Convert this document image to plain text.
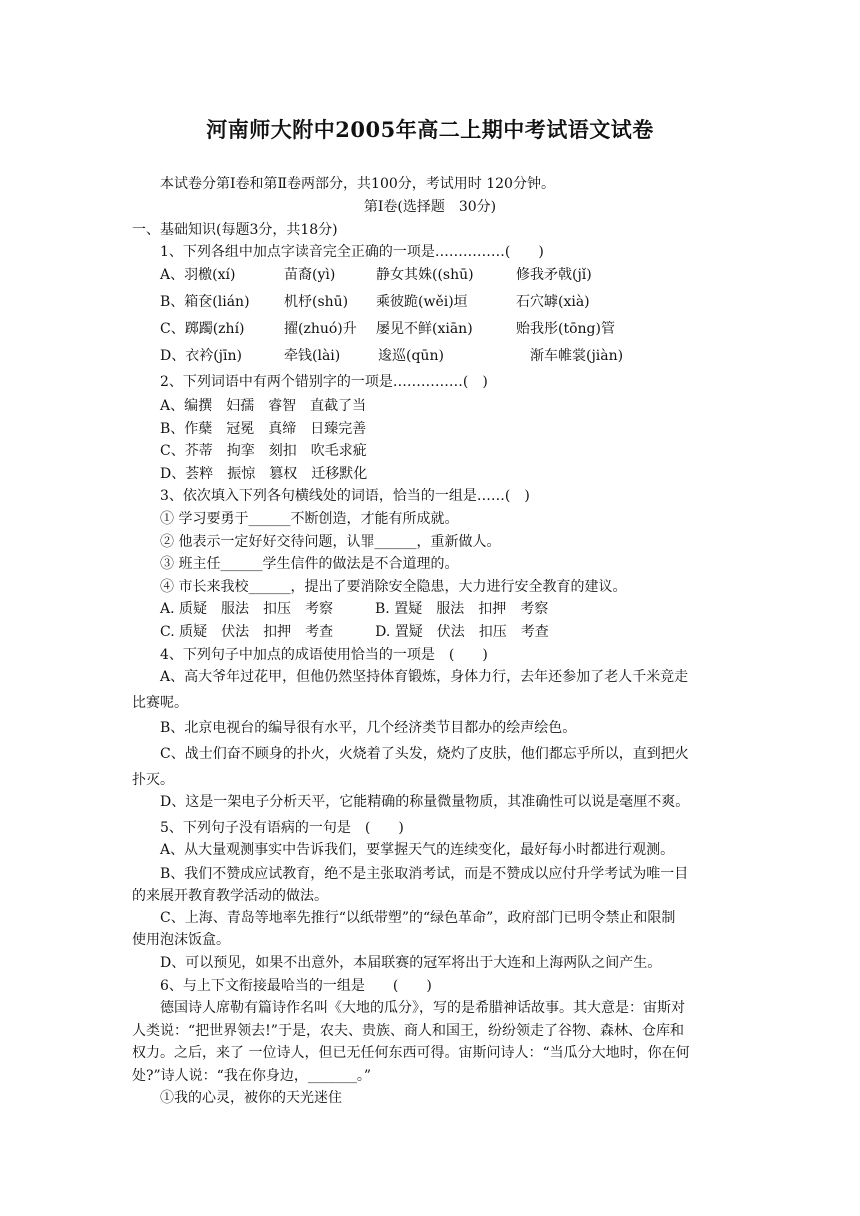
河南师大附中2005年高二上期中考试语文试卷
本试卷分第Ⅰ卷和第Ⅱ卷两部分，共100分，考试用时 120分钟。
第Ⅰ卷(选择题　30分)
一、基础知识(每题3分，共18分)
1、下列各组中加点字读音完全正确的一项是……………(　　)
A、羽檄(xí)	苗裔(yì)	静女其姝((shū)	修我矛戟(jǐ)
B、箱奁(lián)	机杼(shū)	乘彼跪(wěi)垣	石穴罅(xià)
C、踯躅(zhí)	擢(zhuó)升	屡见不鲜(xiān)	贻我彤(tōng)管
D、衣衿(jīn)	牵钱(lài)	逡巡(qūn)	渐车帷裳(jiàn)
2、下列词语中有两个错别字的一项是……………(　)
A、编撰　妇孺　睿智　直截了当
B、作蘖　冠冕　真缔　日臻完善
C、芥蒂　拘挛　刻扣　吹毛求疵
D、荟粹　振惊　篡权　迁移默化
3、依次填入下列各句横线处的词语，恰当的一组是……(　)
① 学习要勇于______不断创造，才能有所成就。
② 他表示一定好好交待问题，认罪______，重新做人。
③ 班主任______学生信件的做法是不合道理的。
④ 市长来我校______，提出了要消除安全隐患，大力进行安全教育的建议。
A. 质疑　服法　扣压　考察　　　B. 置疑　服法　扣押　考察
C. 质疑　伏法　扣押　考查　　　D. 置疑　伏法　扣压　考查
4、下列句子中加点的成语使用恰当的一项是　(　　)
A、高大爷年过花甲，但他仍然坚持体育锻炼，身体力行，去年还参加了老人千米竞走
比赛呢。
B、北京电视台的编导很有水平，几个经济类节目都办的绘声绘色。
C、战士们奋不顾身的扑火，火烧着了头发，烧灼了皮肤，他们都忘乎所以，直到把火
扑灭。
D、这是一架电子分析天平，它能精确的称量微量物质，其准确性可以说是毫厘不爽。
5、下列句子没有语病的一句是　(　　)
A、从大量观测事实中告诉我们，要掌握天气的连续变化，最好每小时都进行观测。
B、我们不赞成应试教育，绝不是主张取消考试，而是不赞成以应付升学考试为唯一目
的来展开教育教学活动的做法。
C、上海、青岛等地率先推行“以纸带塑”的“绿色革命”，政府部门已明令禁止和限制
使用泡沫饭盒。
D、可以预见，如果不出意外，本届联赛的冠军将出于大连和上海两队之间产生。
6、与上下文衔接最哈当的一组是　　(　　)
德国诗人席勒有篇诗作名叫《大地的瓜分》，写的是希腊神话故事。其大意是：宙斯对
人类说：“把世界领去!”于是，农夫、贵族、商人和国王，纷纷领走了谷物、森林、仓库和
权力。之后，来了 一位诗人，但已无任何东西可得。宙斯问诗人：“当瓜分大地时，你在何
处?”诗人说：“我在你身边，_______。”
①我的心灵，被你的天光迷住
